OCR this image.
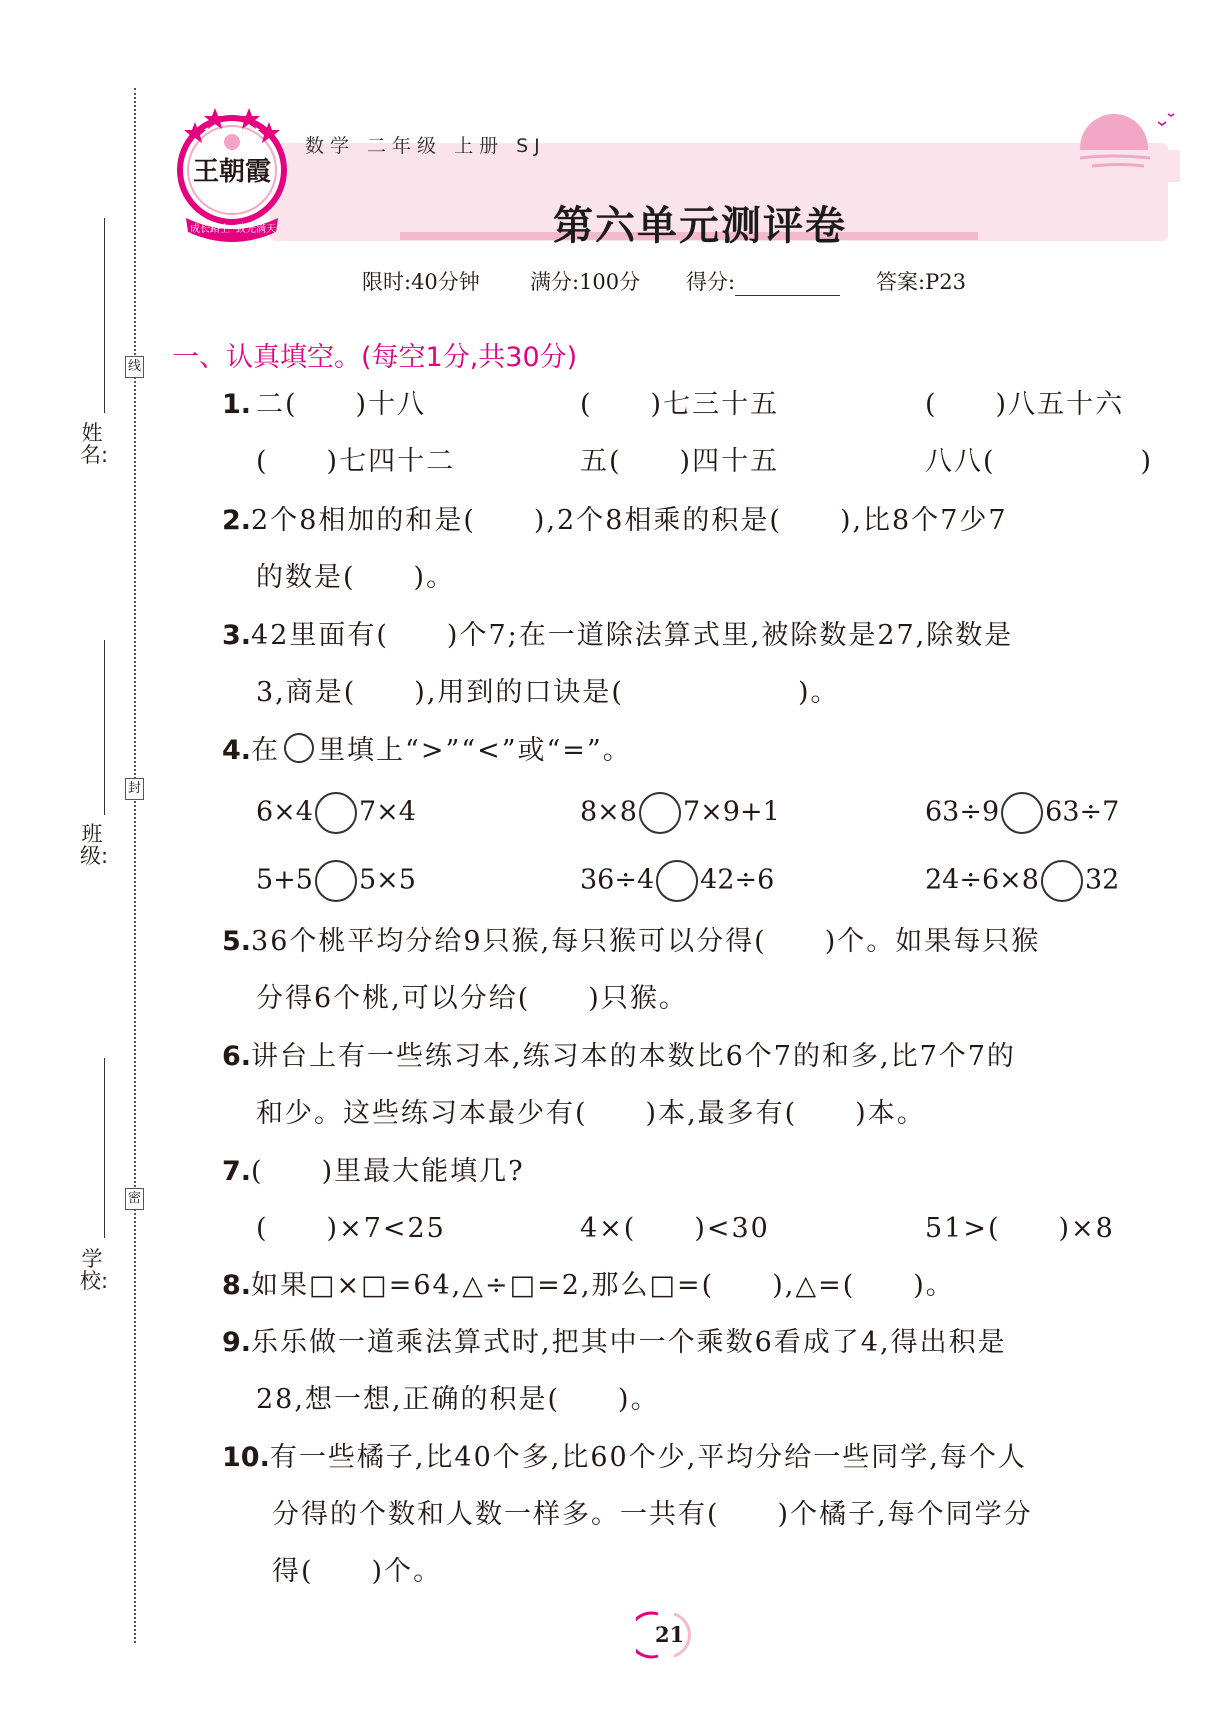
线
封
密
姓 名:
班 级:
学 校:
王朝霞
成长路上 致光满天
数学 二年级 上册 SJ
第六单元测评卷
限时:40分钟 满分:100分 得分:	答案:P23
一、认真填空。(每空1分,共30分)
1. 二(　　)十八	(　　)七三十五	(　　)八五十六
(　　)七四十二	五(　　)四十五	八八(　　　　　)
2.2个8相加的和是(　　),2个8相乘的积是(　　),比8个7少7
的数是(　　)。
3.42里面有(　　)个7;在一道除法算式里,被除数是27,除数是
3,商是(　　),用到的口诀是(　　　　　　)。
4.在 里填上“>”“<”或“=”。
6×4 7×4	8×8 7×9+1	63÷9 63÷7
5+5 5×5	36÷4 42÷6	24÷6×8 32
5.36个桃平均分给9只猴,每只猴可以分得(　　)个。如果每只猴
分得6个桃,可以分给(　　)只猴。
6.讲台上有一些练习本,练习本的本数比6个7的和多,比7个7的
和少。这些练习本最少有(　　)本,最多有(　　)本。
7.(　　)里最大能填几?
(　　)×7<25	4×(　　)<30	51>(　　)×8
8.如果□×□=64,△÷□=2,那么□=(　　),△=(　　)。
9.乐乐做一道乘法算式时,把其中一个乘数6看成了4,得出积是
28,想一想,正确的积是(　　)。
10.有一些橘子,比40个多,比60个少,平均分给一些同学,每个人
分得的个数和人数一样多。一共有(　　)个橘子,每个同学分
得(　　)个。
21
